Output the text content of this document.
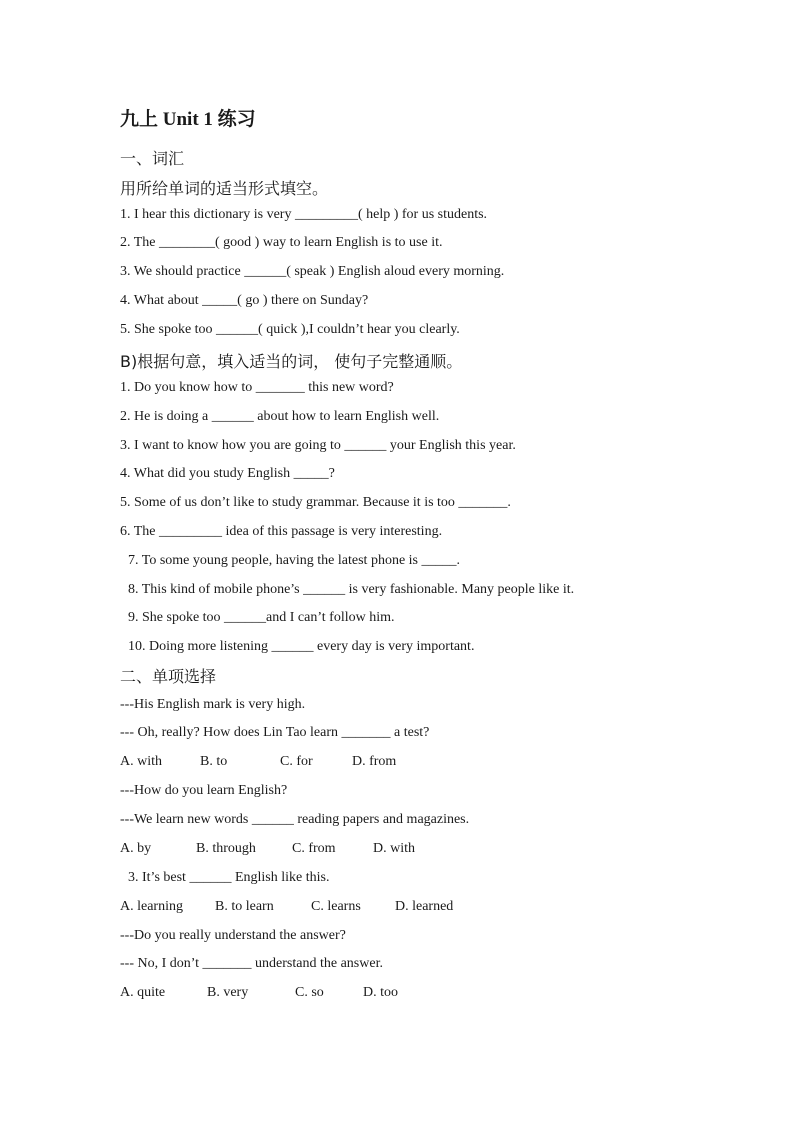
九上 Unit 1 练习
一、词汇
用所给单词的适当形式填空。
1. I hear this dictionary is very _________( help ) for us students.
2. The ________( good ) way to learn English is to use it.
3. We should practice ______( speak ) English aloud every morning.
4. What about _____( go ) there on Sunday?
5. She spoke too ______( quick ),I couldn’t hear you clearly.
B)根据句意，填入适当的词， 使句子完整通顺。
1. Do you know how to _______ this new word?
2. He is doing a ______ about how to learn English well.
3. I want to know how you are going to ______ your English this year.
4. What did you study English _____?
5. Some of us don’t like to study grammar. Because it is too _______.
6. The _________ idea of this passage is very interesting.
7. To some young people, having the latest phone is _____.
8. This kind of mobile phone’s ______ is very fashionable. Many people like it.
9. She spoke too ______and I can’t follow him.
10. Doing more listening ______ every day is very important.
二、单项选择
---His English mark is very high.
--- Oh, really? How does Lin Tao learn _______ a test?
A. with	B. to	C. for	D. from
---How do you learn English?
---We learn new words ______ reading papers and magazines.
A. by	B. through	C. from	D. with
3. It’s best ______ English like this.
A. learning B. to learn	C. learns D. learned
---Do you really understand the answer?
--- No, I don’t _______ understand the answer.
A. quite	B. very	C. so	D. too
